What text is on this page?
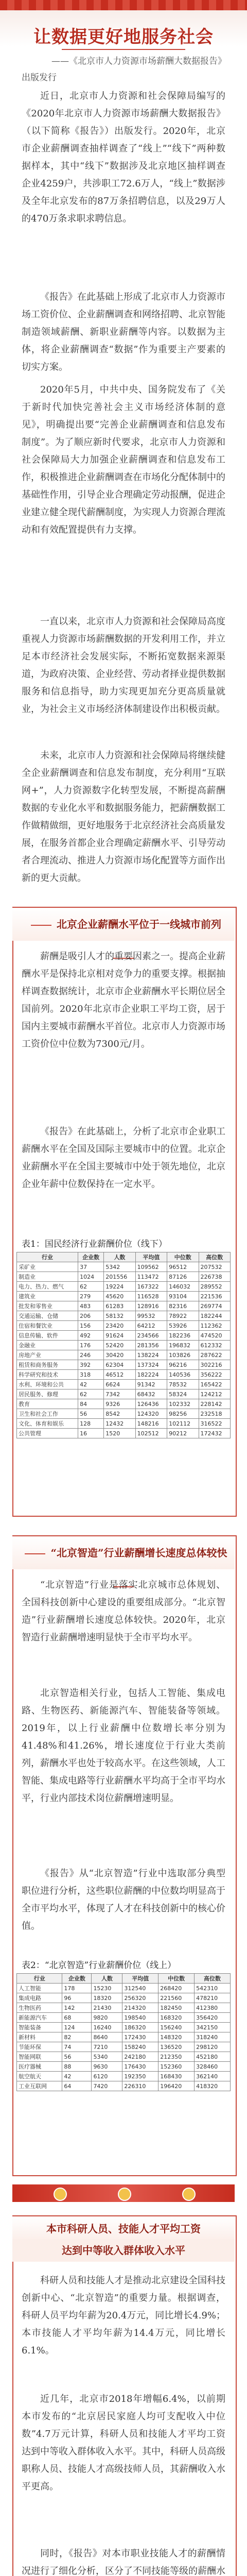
让数据更好地服务社会
——《北京市人力资源市场薪酬大数据报告》
出版发行

近日，北京市人力资源和社会保障局编写的《2020年北京市人力资源市场薪酬大数据报告》（以下简称《报告》）出版发行。2020年，北京市企业薪酬调查抽样调查了“线上”“线下”两种数据样本，其中“线下”数据涉及北京地区抽样调查企业4259户，共涉职工72.6万人，“线上”数据涉及全年北京发布的87万条招聘信息，以及29万人的470万条求职求聘信息。

《报告》在此基础上形成了北京市人力资源市场工资价位、企业薪酬调查和网络招聘、北京智能制造领域薪酬、新职业薪酬等内容。以数据为主体，将企业薪酬调查“数据”作为重要主产要素的切实方案。

2020年5月，中共中央、国务院发布了《关于新时代加快完善社会主义市场经济体制的意见》，明确提出要“完善企业薪酬调查和信息发布制度”。为了顺应新时代要求，北京市人力资源和社会保障局大力加强企业薪酬调查和信息发布工作，积极推进企业薪酬调查在市场化分配体制中的基础性作用，引导企业合理确定劳动报酬，促进企业建立健全现代薪酬制度，为实现人力资源合理流动和有效配置提供有力支撑。

一直以来，北京市人力资源和社会保障局高度重视人力资源市场薪酬数据的开发利用工作，并立足本市经济社会发展实际，不断拓宽数据来源渠道，为政府决策、企业经营、劳动者择业提供数据服务和信息指导，助力实现更加充分更高质量就业，为社会主义市场经济体制建设作出积极贡献。

未来，北京市人力资源和社会保障局将继续健全企业薪酬调查和信息发布制度，充分利用“互联网+”，人力资源数字化转型发展，不断提高薪酬数据的专业化水平和数据服务能力，把薪酬数据工作做精做细，更好地服务于北京经济社会高质量发展，在服务首都企业合理确定薪酬水平、引导劳动者合理流动、推进人力资源市场化配置等方面作出新的更大贡献。

北京企业薪酬水平位于一线城市前列

薪酬是吸引人才的重要因素之一。提高企业薪酬水平是保持北京相对竞争力的重要支撑。根据抽样调查数据统计，北京市企业薪酬水平长期位居全国前列。2020年北京市企业职工平均工资，居于国内主要城市薪酬水平首位。北京市人力资源市场工资价位中位数为7300元/月。

《报告》在此基础上，分析了北京市企业职工薪酬水平在全国及国际主要城市中的位置。北京企业薪酬水平在全国主要城市中处于领先地位，北京企业年薪中位数保持在一定水平。

表1：国民经济行业薪酬价位（线下）
行业	企业数	人数	平均值	中位数	高位数
采矿业	37	5342	109562	96512	207532
制造业	1024	201556	113472	87126	226738
电力、热力、燃气	62	19224	167322	146032	289552
建筑业	279	45620	116528	93104	221536
批发和零售业	483	61283	128916	82316	269774
交通运输、仓储	206	58132	99532	78922	182244
住宿和餐饮业	156	23420	64212	53926	112362
信息传输、软件	492	91624	234566	182236	474520
金融业	176	52420	281356	196832	612332
房地产业	246	30420	138224	103826	287622
租赁和商务服务	392	62304	137324	96216	302216
科学研究和技术	318	46512	182224	140536	356222
水利、环境和公共	42	6624	91342	78532	165422
居民服务、修理	62	7342	68432	58324	124212
教育	84	9326	126436	102332	228142
卫生和社会工作	56	8542	124320	98256	232518
文化、体育和娱乐	128	12432	148216	102112	316522
公共管理	16	1520	102512	90212	172432
“北京智造”行业薪酬增长速度总体较快

“北京智造”行业是落实北京城市总体规划、全国科技创新中心建设的重要组成部分。“北京智造”行业薪酬增长速度总体较快。2020年，北京智造行业薪酬增速明显快于全市平均水平。

北京智造相关行业，包括人工智能、集成电路、生物医药、新能源汽车、智能装备等领域。2019年，以上行业薪酬中位数增长率分别为41.48%和41.26%，增长速度位于行业大类前列，薪酬水平也处于较高水平。在这些领域，人工智能、集成电路等行业薪酬水平均高于全市平均水平，行业内部技术岗位薪酬增速明显。

《报告》从“北京智造”行业中选取部分典型职位进行分析，这些职位薪酬的中位数均明显高于全市平均水平，体现了人才在科技创新中的核心价值。

表2：“北京智造”行业薪酬价位（线上）
行业	企业数	人数	平均值	中位数	高位数
人工智能	178	15230	312540	268420	542310
集成电路	96	18320	256320	221560	478210
生物医药	142	21430	214320	182450	412380
新能源汽车	68	9820	198540	168320	356420
智能装备	124	16240	186320	156240	342150
新材料	82	8640	172430	148320	318240
节能环保	74	7210	158240	136520	298120
智能网联	56	5340	242180	212350	452180
医疗器械	88	9630	176430	152360	328460
航空航天	42	6120	192350	168430	362140
工业互联网	64	7420	226310	196420	418320
本市科研人员、技能人才平均工资
达到中等收入群体收入水平

科研人员和技能人才是推动北京建设全国科技创新中心、“北京智造”的重要力量。根据调查，科研人员平均年薪为20.4万元，同比增长4.9%；本市技能人才平均年薪为14.4万元，同比增长6.1%。

近几年，北京市2018年增幅6.4%，以前期本市发布的“北京居民家庭人均可支配收入中位数”4.7万元计算，科研人员和技能人才平均工资达到中等收入群体收入水平。其中，科研人员高级职称人员、技能人才高级技师人员，其薪酬收入水平更高。

同时，《报告》对本市职业技能人才的薪酬情况进行了细化分析，区分了不同技能等级的薪酬水
